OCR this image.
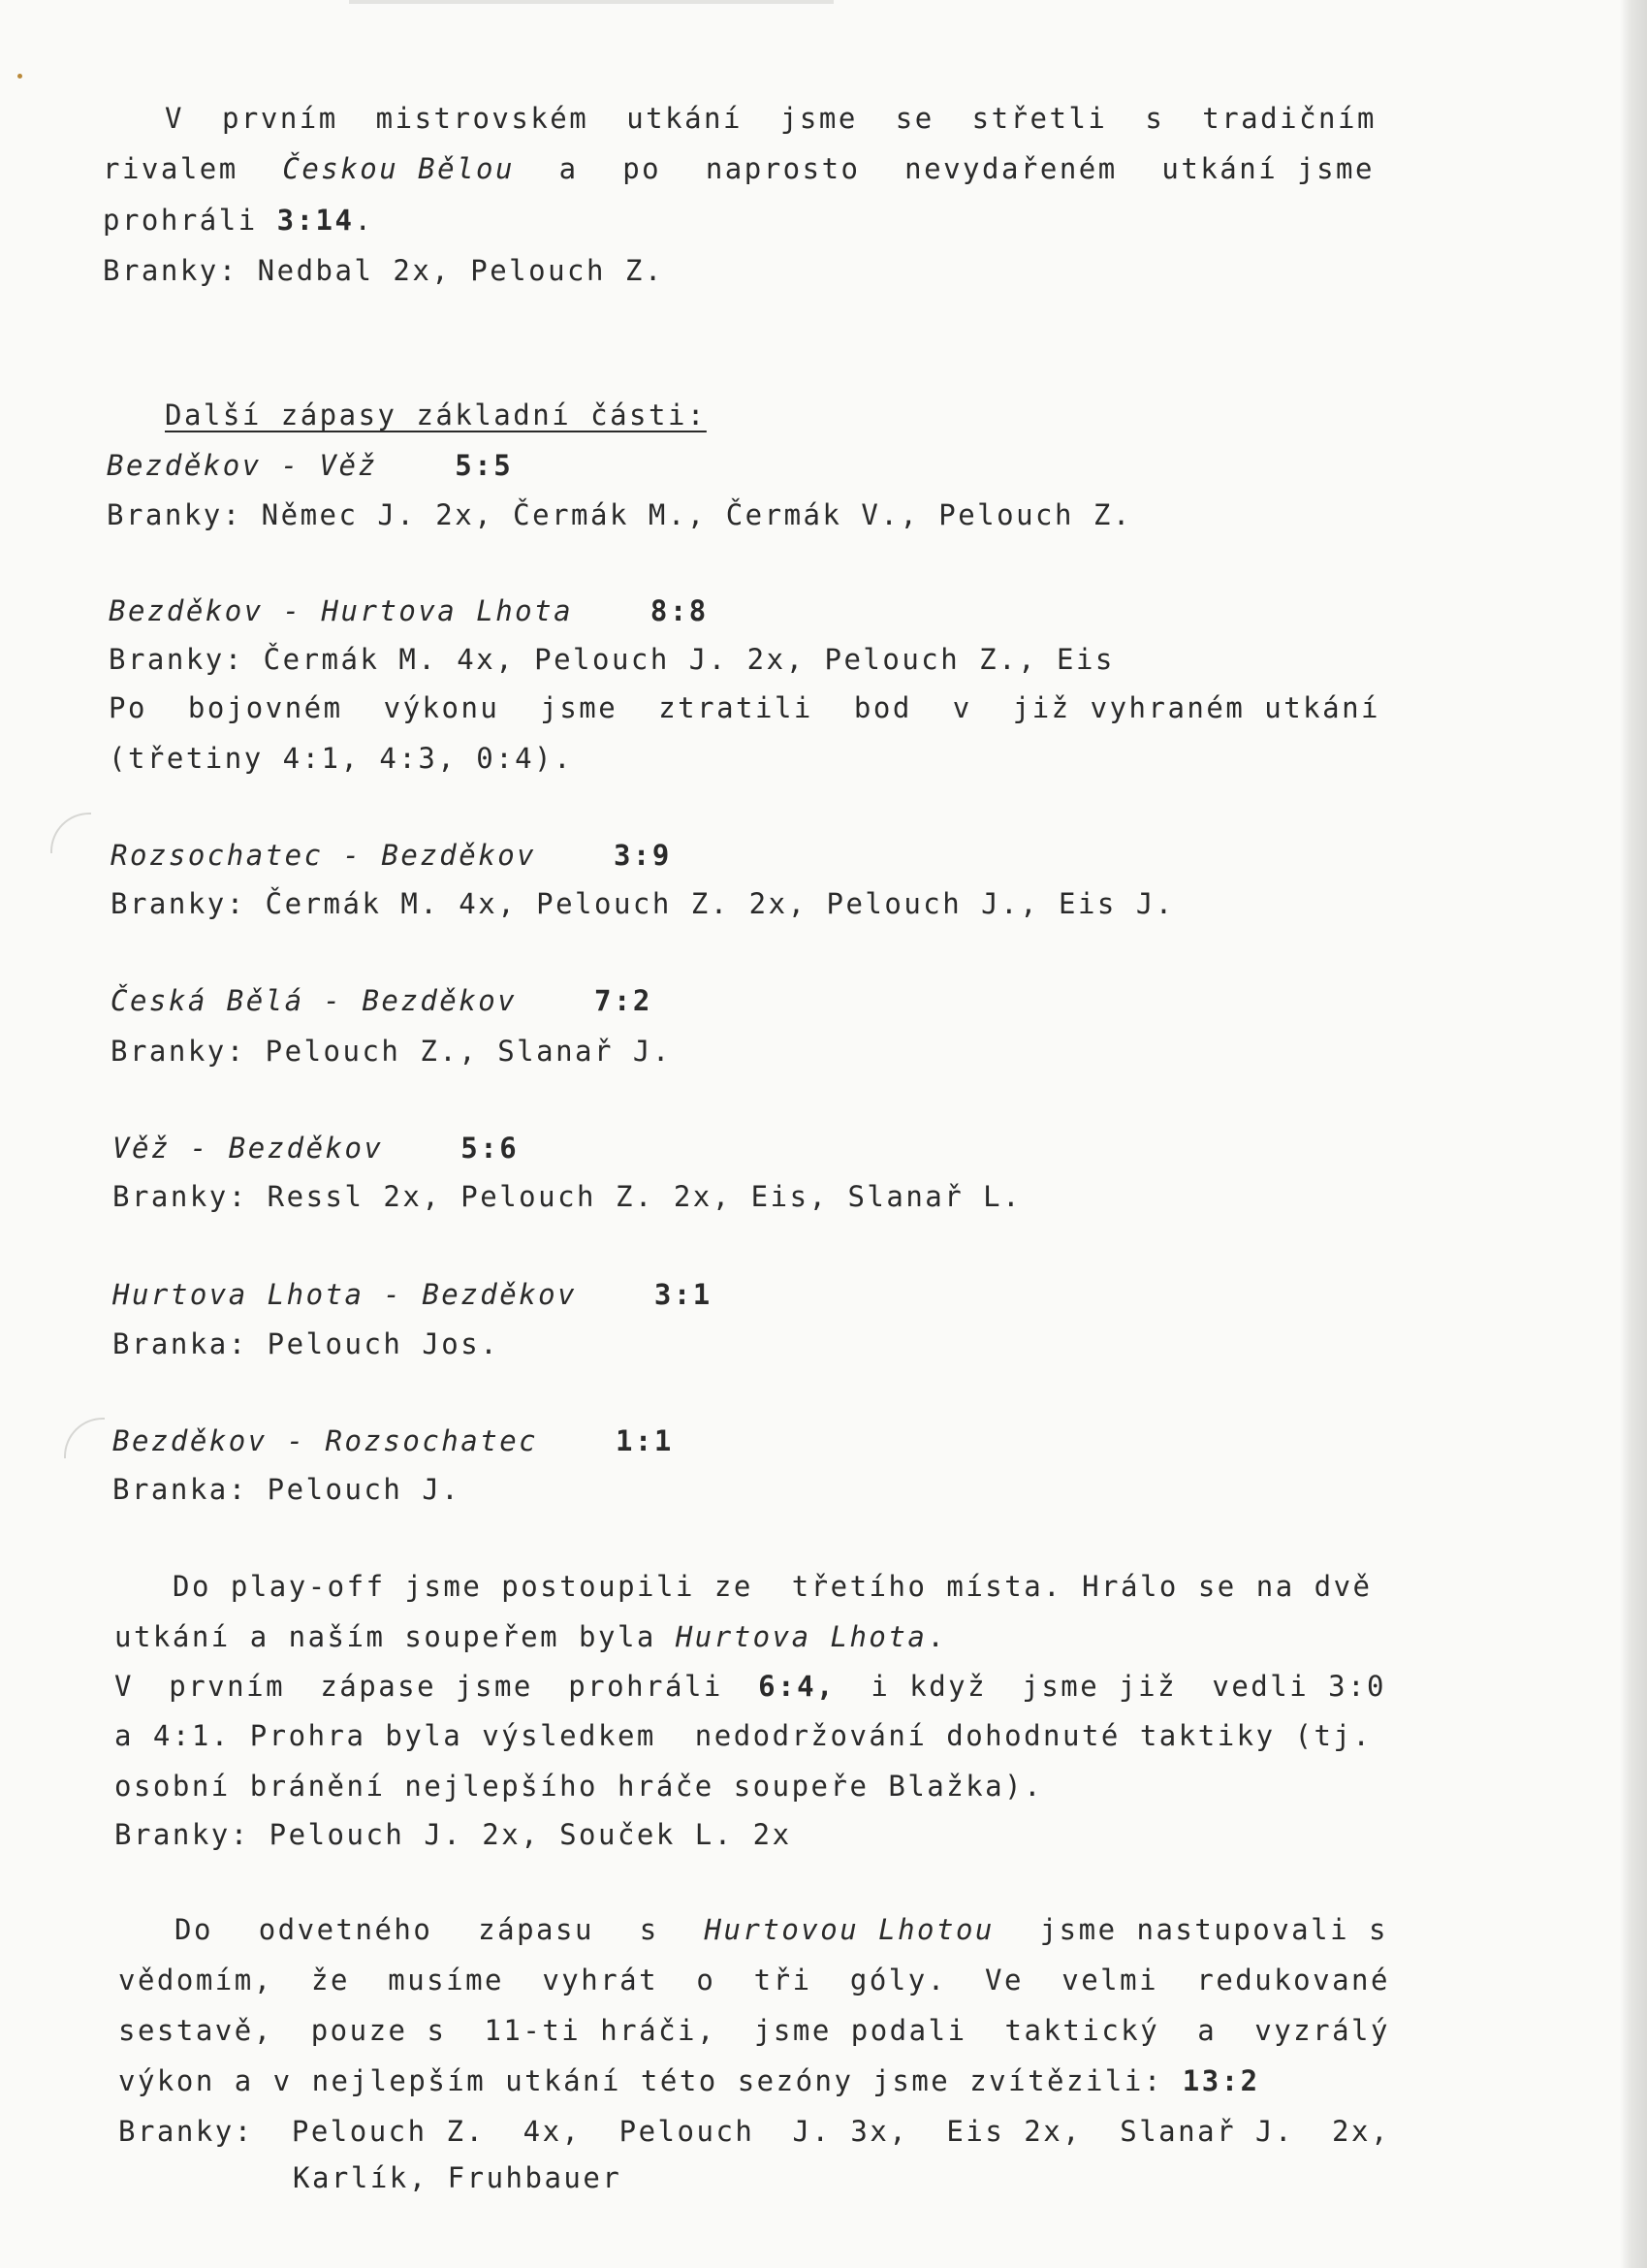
V prvním mistrovském utkání jsme se střetli s tradičním
rivalem Českou Bělou a po naprosto nevydařeném utkání jsme
prohráli 3:14.
Branky: Nedbal 2x, Pelouch Z.
Další zápasy základní části:
Bezděkov - Věž	5:5
Branky: Němec J. 2x, Čermák M., Čermák V., Pelouch Z.
Bezděkov - Hurtova Lhota	8:8
Branky: Čermák M. 4x, Pelouch J. 2x, Pelouch Z., Eis
Po bojovném výkonu jsme ztratili bod v již vyhraném utkání
(třetiny 4:1, 4:3, 0:4).
Rozsochatec - Bezděkov	3:9
Branky: Čermák M. 4x, Pelouch Z. 2x, Pelouch J., Eis J.
Česká Bělá - Bezděkov	7:2
Branky: Pelouch Z., Slanař J.
Věž - Bezděkov	5:6
Branky: Ressl 2x, Pelouch Z. 2x, Eis, Slanař L.
Hurtova Lhota - Bezděkov	3:1
Branka: Pelouch Jos.
Bezděkov - Rozsochatec	1:1
Branka: Pelouch J.
Do play-off jsme postoupili ze  třetího místa. Hrálo se na dvě
utkání a naším soupeřem byla Hurtova Lhota.
V prvním zápase jsme prohráli 6:4, i když jsme již vedli 3:0
a 4:1. Prohra byla výsledkem  nedodržování dohodnuté taktiky (tj.
osobní bránění nejlepšího hráče soupeře Blažka).
Branky: Pelouch J. 2x, Souček L. 2x
Do odvetného zápasu s Hurtovou Lhotou jsme nastupovali s
vědomím, že musíme vyhrát o tři góly. Ve velmi redukované
sestavě, pouze s 11-ti hráči, jsme podali taktický a vyzrálý
výkon a v nejlepším utkání této sezóny jsme zvítězili: 13:2
Branky: Pelouch Z. 4x, Pelouch J. 3x, Eis 2x, Slanař J. 2x,
Karlík, Fruhbauer
